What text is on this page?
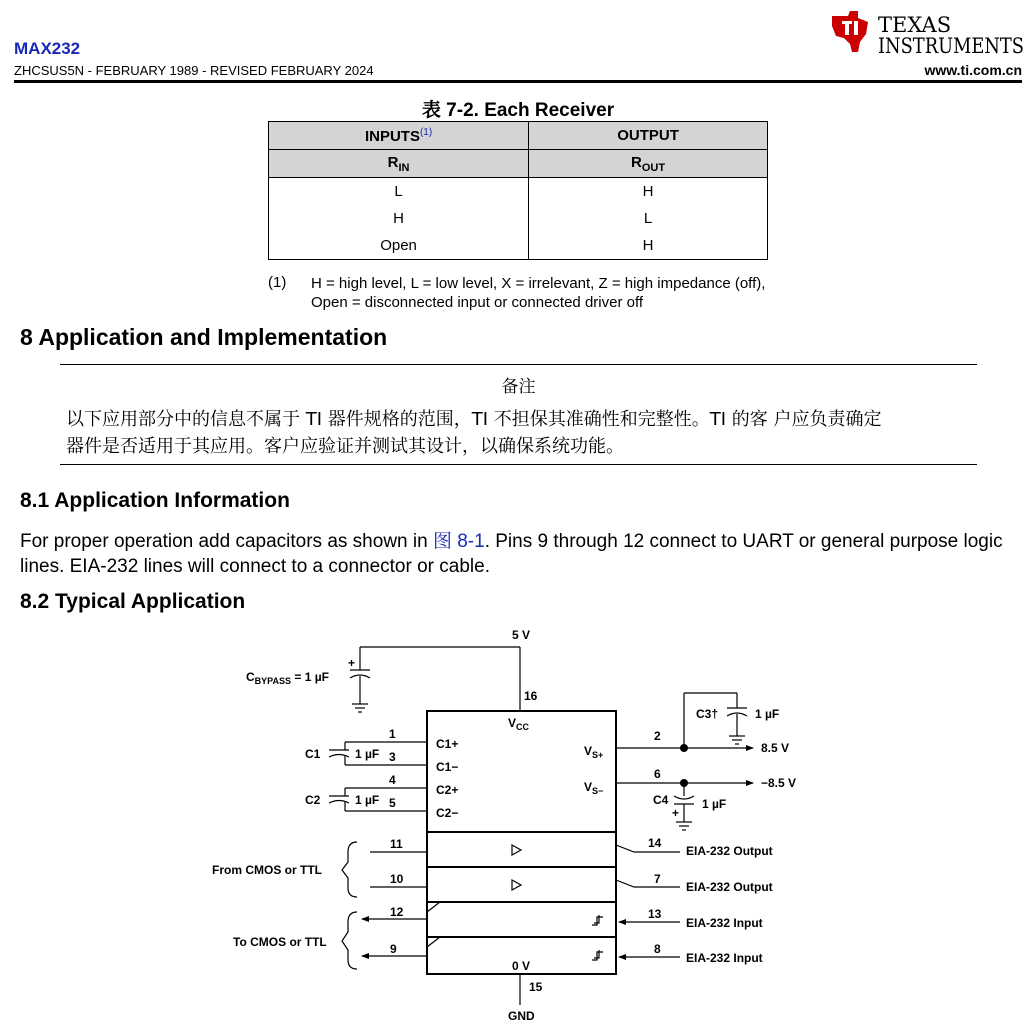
MAX232
ZHCSUS5N - FEBRUARY 1989 - REVISED FEBRUARY 2024
TEXAS
INSTRUMENTS
www.ti.com.cn
表 7-2. Each Receiver
INPUTS$^{(1)}$	OUTPUT
$R_{IN}$	$R_{OUT}$
L	H
H	L
Open	H
(1) H = high level, L = low level, X = irrelevant, Z = high impedance (off), Open = disconnected input or connected driver off
8 Application and Implementation
备注
以下应用部分中的信息不属于 TI 器件规格的范围，TI 不担保其准确性和完整性。TI 的客 户应负责确定
器件是否适用于其应用。客户应验证并测试其设计，以确保系统功能。
8.1 Application Information
For proper operation add capacitors as shown in 图 8-1. Pins 9 through 12 connect to UART or general purpose logic lines. EIA-232 lines will connect to a connector or cable.
8.2 Typical Application
5 V
GND
16
15
$V_{CC}$
0 V
$C_{BYPASS} = 1$ µF
+
C1	1 µF
C2	1 µF
1
3
4
5
C1+
C1−
C2+
C2−
$V_{S+}$
$V_{S-}$
2
6
8.5 V
−8.5 V
C3†	1 µF
C4	1 µF
+
From CMOS or TTL
To CMOS or TTL
11
10
14
7
EIA-232 Output
EIA-232 Output
12
9
13
8
EIA-232 Input
EIA-232 Input
